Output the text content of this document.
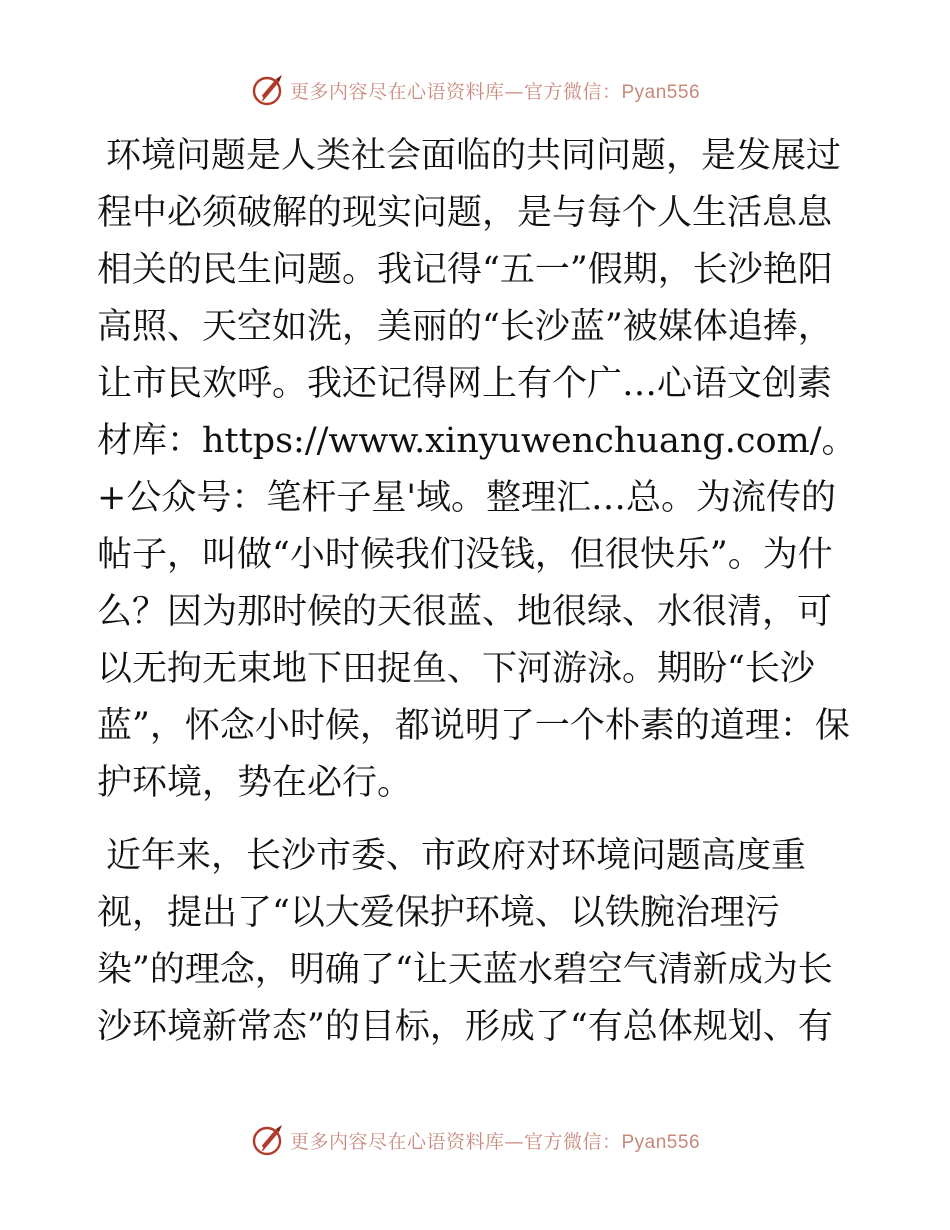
更多内容尽在心语资料库—官方微信：Pyan556

环境问题是人类社会面临的共同问题，是发展过程中必须破解的现实问题，是与每个人生活息息相关的民生问题。我记得“五一”假期，长沙艳阳高照、天空如洗，美丽的“长沙蓝”被媒体追捧，让市民欢呼。我还记得网上有个广…心语文创素材库：https://www.xinyuwenchuang.com/。+公众号：笔杆子星'域。整理汇…总。为流传的帖子，叫做“小时候我们没钱，但很快乐”。为什么？因为那时候的天很蓝、地很绿、水很清，可以无拘无束地下田捉鱼、下河游泳。期盼“长沙蓝”，怀念小时候，都说明了一个朴素的道理：保护环境，势在必行。

近年来，长沙市委、市政府对环境问题高度重视，提出了“以大爱保护环境、以铁腕治理污染”的理念，明确了“让天蓝水碧空气清新成为长沙环境新常态”的目标，形成了“有总体规划、有

更多内容尽在心语资料库—官方微信：Pyan556
